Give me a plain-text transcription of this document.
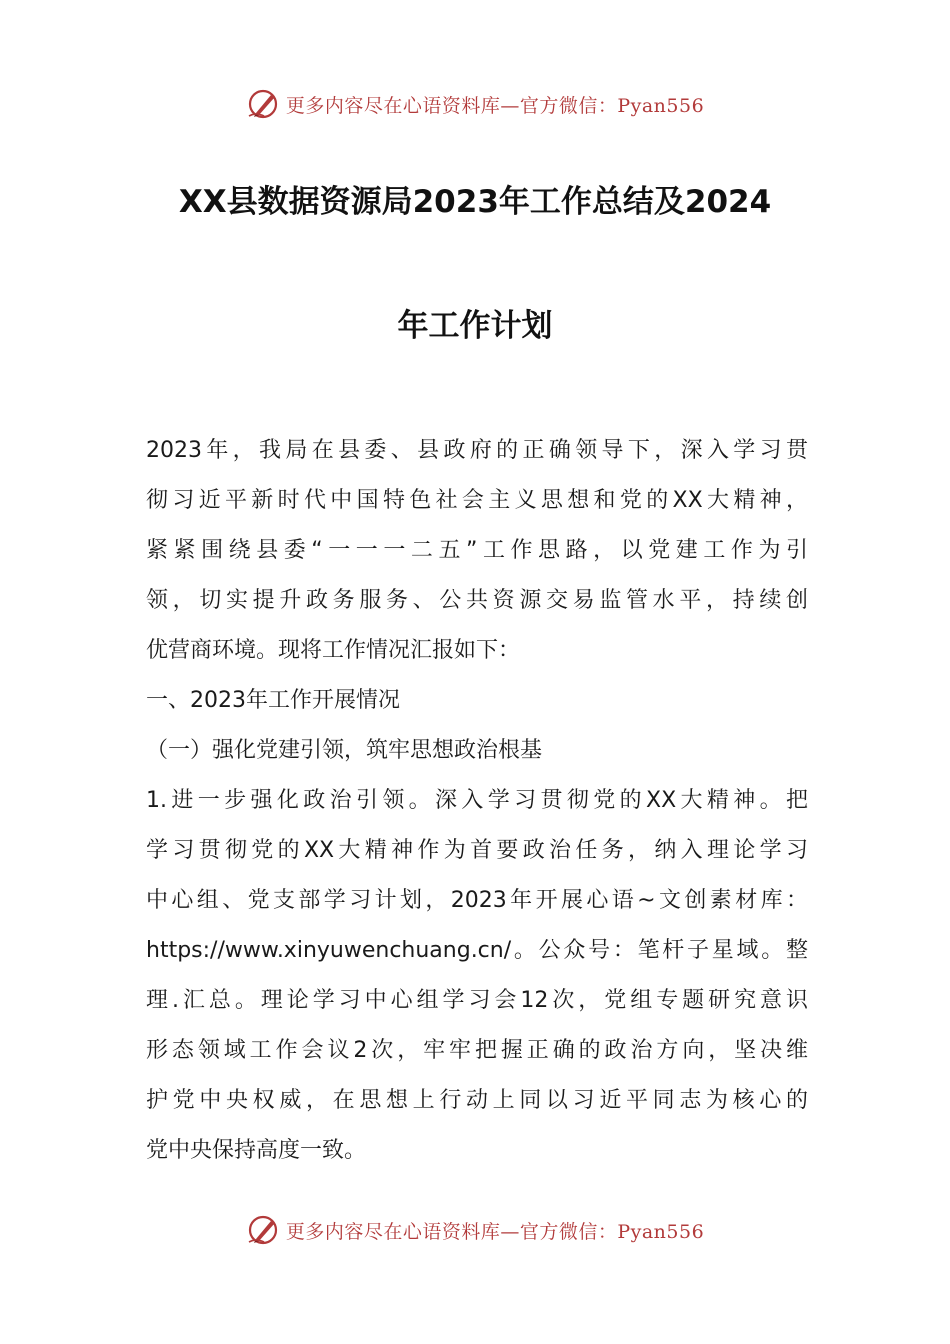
更多内容尽在心语资料库—官方微信：Pyan556
XX县数据资源局2023年工作总结及2024
年工作计划
2023年，我局在县委、县政府的正确领导下，深入学习贯
彻习近平新时代中国特色社会主义思想和党的XX大精神，
紧紧围绕县委“一一一二五”工作思路，以党建工作为引
领，切实提升政务服务、公共资源交易监管水平，持续创
优营商环境。现将工作情况汇报如下：
一、2023年工作开展情况
（一）强化党建引领，筑牢思想政治根基
1.进一步强化政治引领。深入学习贯彻党的XX大精神。把
学习贯彻党的XX大精神作为首要政治任务，纳入理论学习
中心组、党支部学习计划，2023年开展心语~文创素材库：
https://www.xinyuwenchuang.cn/。公众号：笔杆子星域。整
理.汇总。理论学习中心组学习会12次，党组专题研究意识
形态领域工作会议2次，牢牢把握正确的政治方向，坚决维
护党中央权威，在思想上行动上同以习近平同志为核心的
党中央保持高度一致。
更多内容尽在心语资料库—官方微信：Pyan556
